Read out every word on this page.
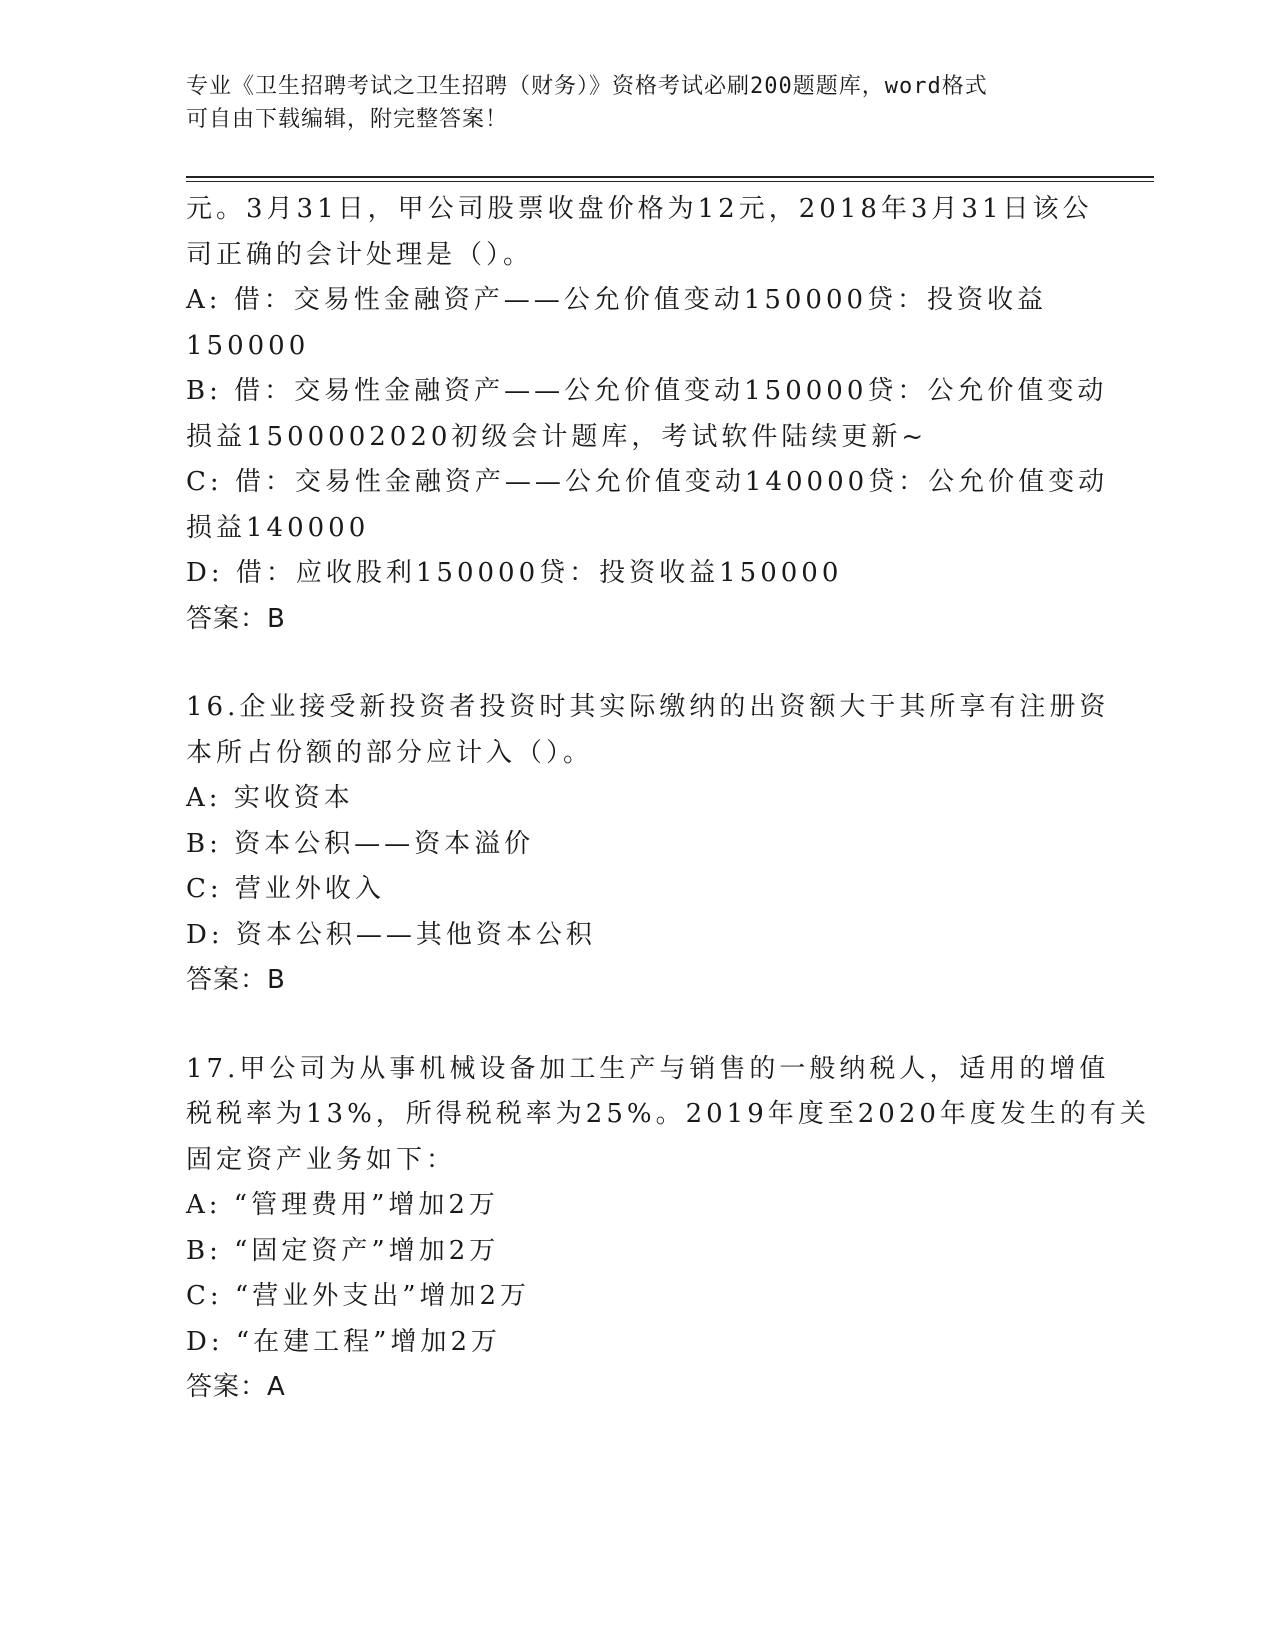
专业《卫生招聘考试之卫生招聘（财务）》资格考试必刷200题题库，word格式
可自由下载编辑，附完整答案！
元。3月31日，甲公司股票收盘价格为12元，2018年3月31日该公
司正确的会计处理是（）。
A: 借：交易性金融资产——公允价值变动150000贷：投资收益
150000
B: 借：交易性金融资产——公允价值变动150000贷：公允价值变动
损益1500002020初级会计题库，考试软件陆续更新~
C: 借：交易性金融资产——公允价值变动140000贷：公允价值变动
损益140000
D: 借：应收股利150000贷：投资收益150000
答案：B
16.企业接受新投资者投资时其实际缴纳的出资额大于其所享有注册资
本所占份额的部分应计入（）。
A: 实收资本
B: 资本公积——资本溢价
C: 营业外收入
D: 资本公积——其他资本公积
答案：B
17.甲公司为从事机械设备加工生产与销售的一般纳税人，适用的增值
税税率为13%，所得税税率为25%。2019年度至2020年度发生的有关
固定资产业务如下：
A: “管理费用”增加2万
B: “固定资产”增加2万
C: “营业外支出”增加2万
D: “在建工程”增加2万
答案：A
